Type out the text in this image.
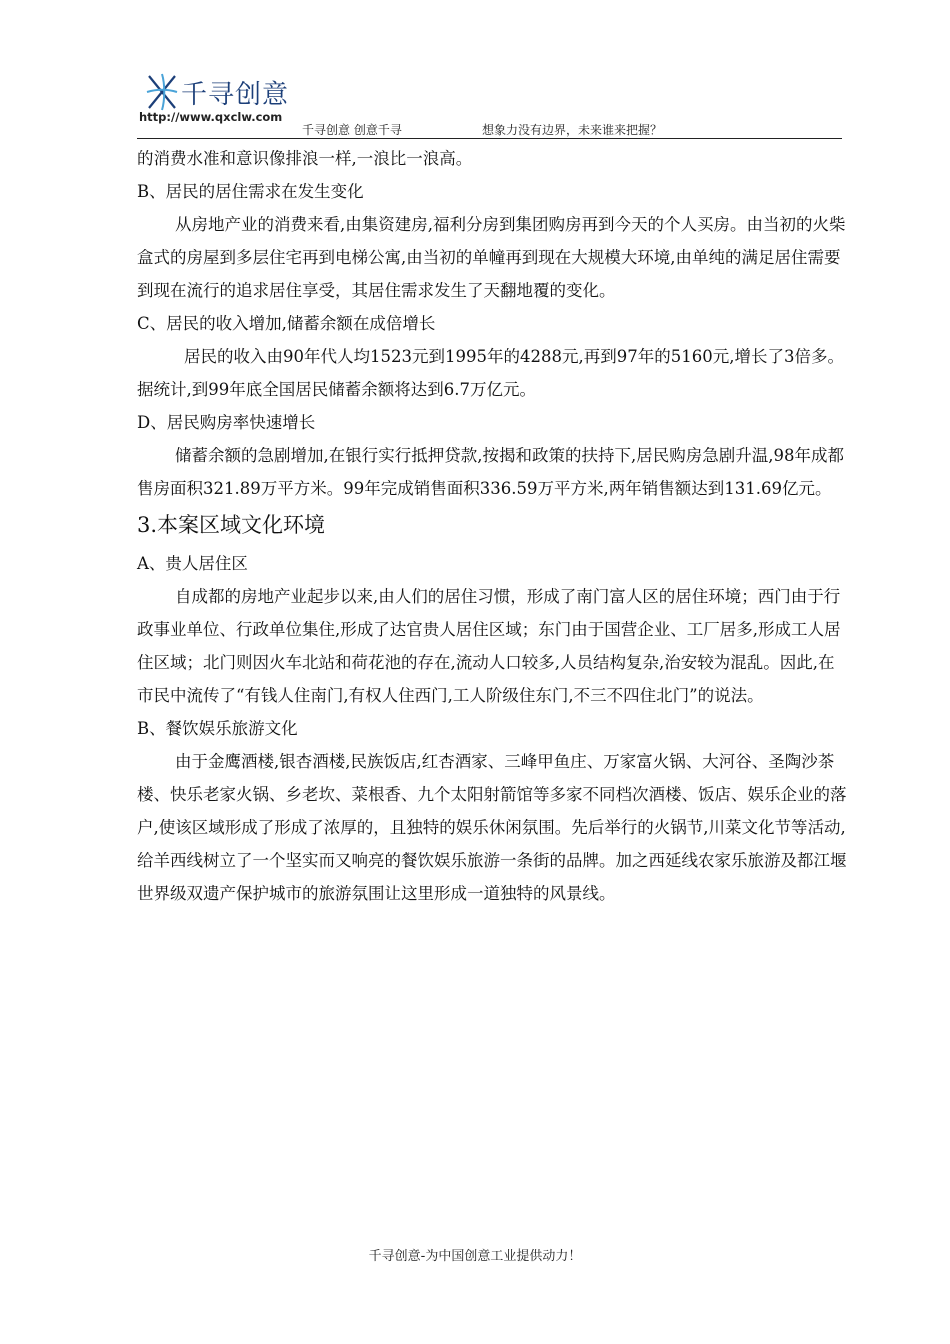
千寻创意
http://www.qxclw.com
千寻创意 创意千寻	想象力没有边界，未来谁来把握？

的消费水准和意识像排浪一样,一浪比一浪高。

B、居民的居住需求在发生变化

从房地产业的消费来看,由集资建房,福利分房到集团购房再到今天的个人买房。由当初的火柴盒式的房屋到多层住宅再到电梯公寓,由当初的单幢再到现在大规模大环境,由单纯的满足居住需要到现在流行的追求居住享受，其居住需求发生了天翻地覆的变化。

C、居民的收入增加,储蓄余额在成倍增长

居民的收入由90年代人均1523元到1995年的4288元,再到97年的5160元,增长了3倍多。据统计,到99年底全国居民储蓄余额将达到6.7万亿元。

D、居民购房率快速增长

储蓄余额的急剧增加,在银行实行抵押贷款,按揭和政策的扶持下,居民购房急剧升温,98年成都售房面积321.89万平方米。99年完成销售面积336.59万平方米,两年销售额达到131.69亿元。

3.本案区域文化环境

A、贵人居住区

自成都的房地产业起步以来,由人们的居住习惯，形成了南门富人区的居住环境；西门由于行政事业单位、行政单位集住,形成了达官贵人居住区域；东门由于国营企业、工厂居多,形成工人居住区域；北门则因火车北站和荷花池的存在,流动人口较多,人员结构复杂,治安较为混乱。因此,在市民中流传了“有钱人住南门,有权人住西门,工人阶级住东门,不三不四住北门”的说法。

B、餐饮娱乐旅游文化

由于金鹰酒楼,银杏酒楼,民族饭店,红杏酒家、三峰甲鱼庄、万家富火锅、大河谷、圣陶沙茶楼、快乐老家火锅、乡老坎、菜根香、九个太阳射箭馆等多家不同档次酒楼、饭店、娱乐企业的落户,使该区域形成了形成了浓厚的，且独特的娱乐休闲氛围。先后举行的火锅节,川菜文化节等活动,给羊西线树立了一个坚实而又响亮的餐饮娱乐旅游一条街的品牌。加之西延线农家乐旅游及都江堰世界级双遗产保护城市的旅游氛围让这里形成一道独特的风景线。

千寻创意-为中国创意工业提供动力！
